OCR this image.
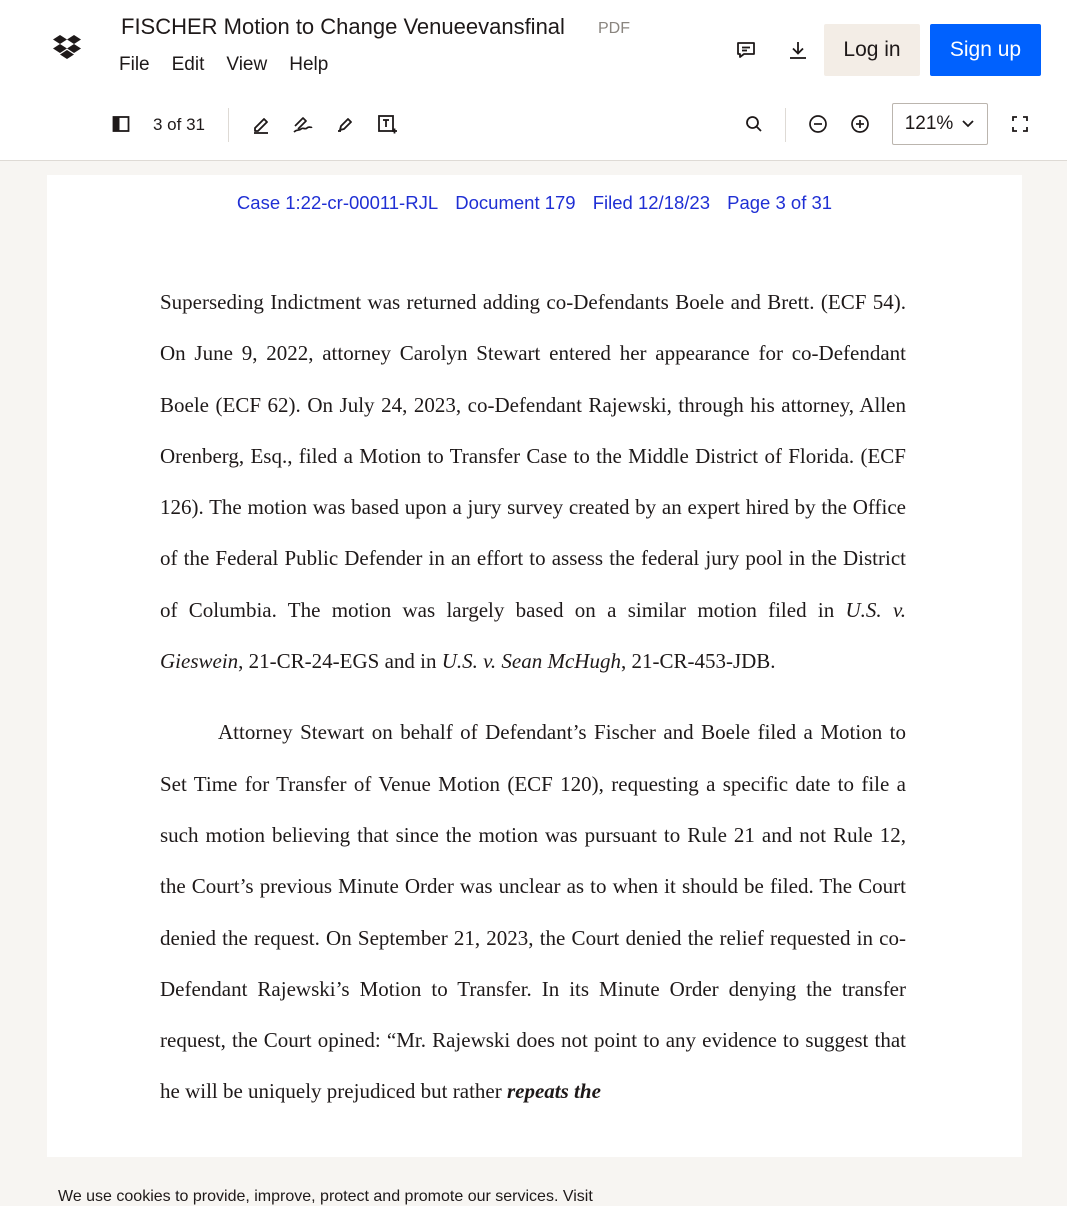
FISCHER Motion to Change Venueevansfinal PDF
File Edit View Help
Log in	Sign up
3 of 31	121%
Case 1:22-cr-00011-RJL Document 179 Filed 12/18/23 Page 3 of 31

Superseding Indictment was returned adding co-Defendants Boele and Brett. (ECF 54). On June 9, 2022, attorney Carolyn Stewart entered her appearance for co-Defendant Boele (ECF 62). On July 24, 2023, co-Defendant Rajewski, through his attorney, Allen Orenberg, Esq., filed a Motion to Transfer Case to the Middle District of Florida. (ECF 126). The motion was based upon a jury survey created by an expert hired by the Office of the Federal Public Defender in an effort to assess the federal jury pool in the District of Columbia. The motion was largely based on a similar motion filed in U.S. v. Gieswein, 21-CR-24-EGS and in U.S. v. Sean McHugh, 21-CR-453-JDB.

Attorney Stewart on behalf of Defendant’s Fischer and Boele filed a Motion to Set Time for Transfer of Venue Motion (ECF 120), requesting a specific date to file a such motion believing that since the motion was pursuant to Rule 21 and not Rule 12, the Court’s previous Minute Order was unclear as to when it should be filed. The Court denied the request. On September 21, 2023, the Court denied the relief requested in co-Defendant Rajewski’s Motion to Transfer. In its Minute Order denying the transfer request, the Court opined: “Mr. Rajewski does not point to any evidence to suggest that he will be uniquely prejudiced but rather repeats the

We use cookies to provide, improve, protect and promote our services. Visit
